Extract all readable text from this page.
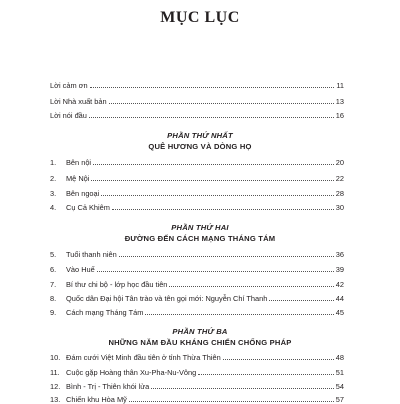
MỤC LỤC
Lời cảm ơn	11
Lời Nhà xuất bản	13
Lời nói đầu	16
PHẦN THỨ NHẤT
QUÊ HƯƠNG VÀ DÒNG HỌ
1.	Bên nội	20
2.	Mệ Nội	22
3.	Bên ngoại	28
4.	Cụ Cả Khiêm	30
PHẦN THỨ HAI
ĐƯỜNG ĐẾN CÁCH MẠNG THÁNG TÁM
5.	Tuổi thanh niên	36
6.	Vào Huế	39
7.	Bí thư chi bộ - lớp học đầu tiên	42
8.	Quốc dân Đại hội Tân trào và tên gọi mới: Nguyễn Chí Thanh	44
9.	Cách mạng Tháng Tám	45
PHẦN THỨ BA
NHỮNG NĂM ĐẦU KHÁNG CHIẾN CHỐNG PHÁP
10. Đám cưới Việt Minh đầu tiên ở tỉnh Thừa Thiên	48
11. Cuộc gặp Hoàng thân Xu-Pha-Nu-Vông	51
12. Bình - Trị - Thiên khói lửa	54
13. Chiến khu Hòa Mỹ	57
